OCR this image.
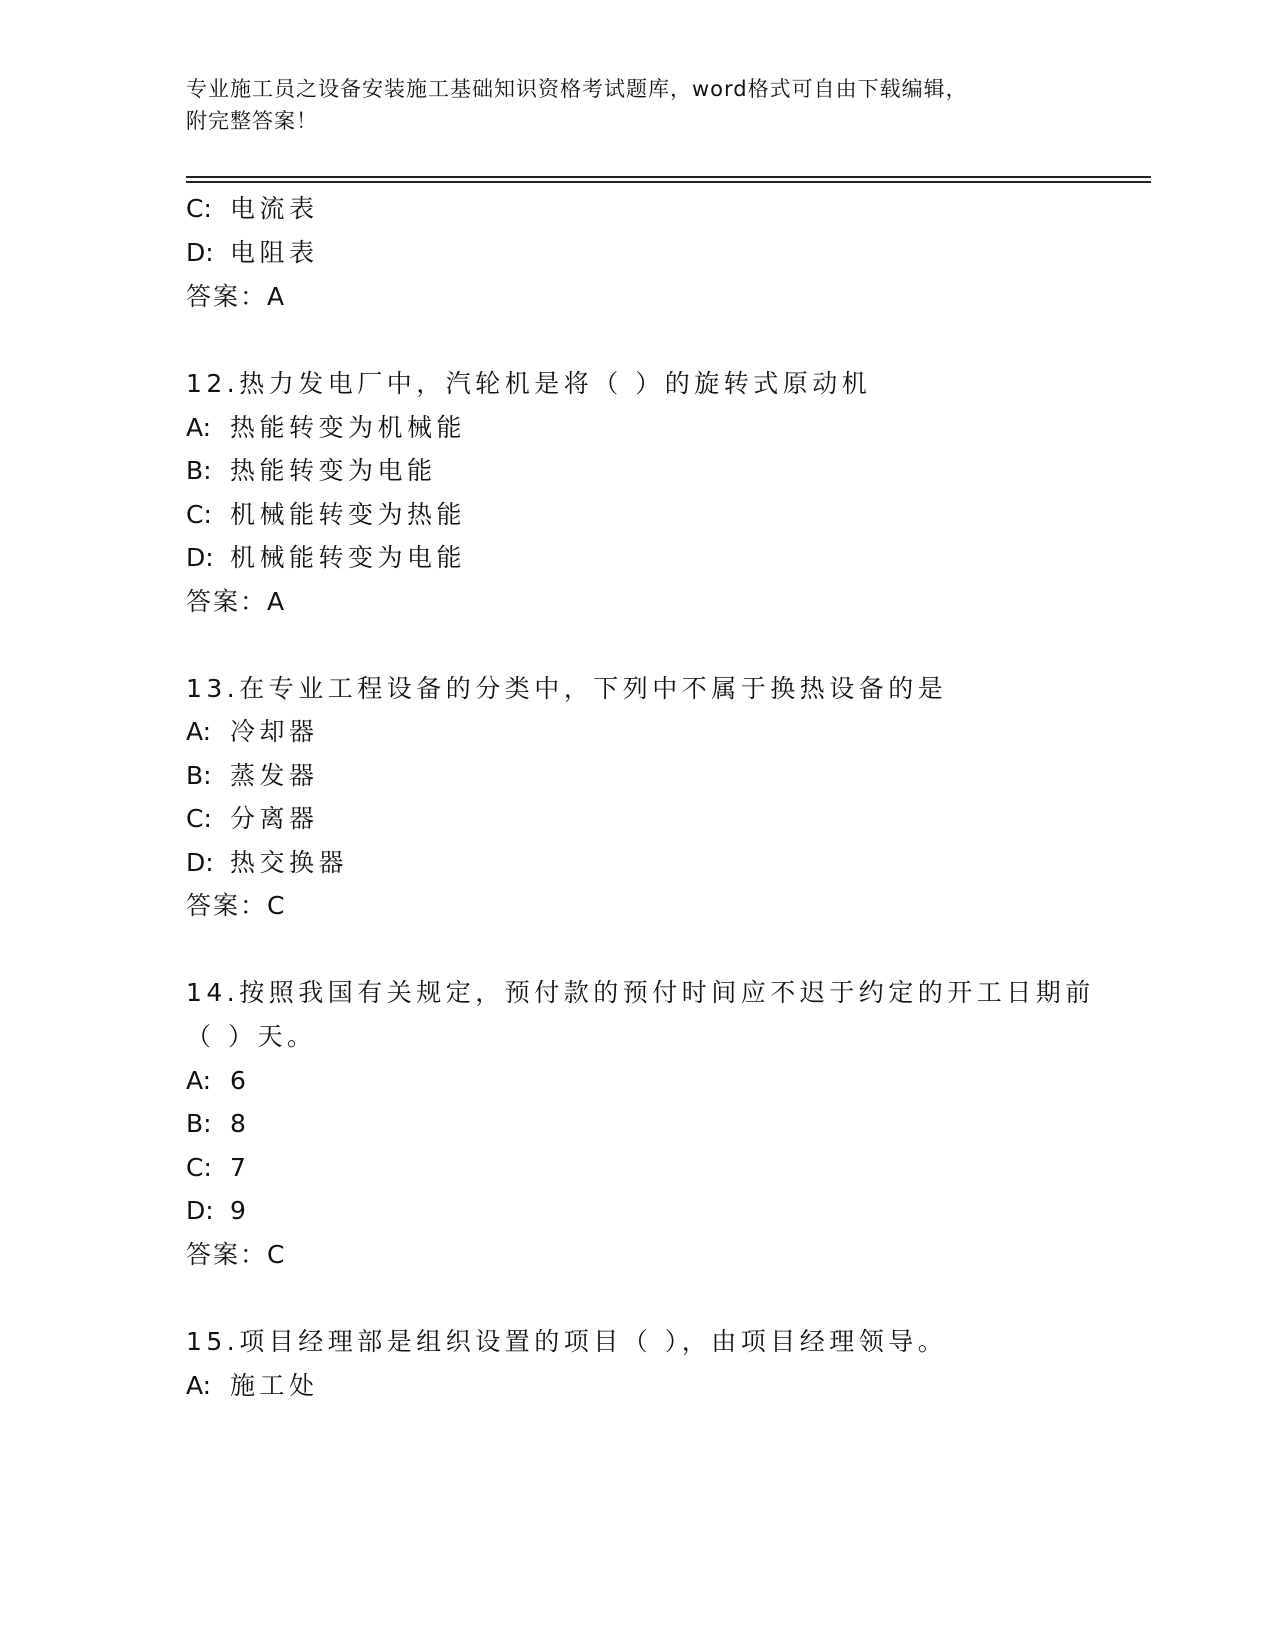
专业施工员之设备安装施工基础知识资格考试题库，word格式可自由下载编辑，
附完整答案！
C: 电流表
D: 电阻表
答案：A
12.热力发电厂中，汽轮机是将（ ）的旋转式原动机
A: 热能转变为机械能
B: 热能转变为电能
C: 机械能转变为热能
D: 机械能转变为电能
答案：A
13.在专业工程设备的分类中，下列中不属于换热设备的是
A: 冷却器
B: 蒸发器
C: 分离器
D: 热交换器
答案：C
14.按照我国有关规定，预付款的预付时间应不迟于约定的开工日期前
（ ）天。
A: 6
B: 8
C: 7
D: 9
答案：C
15.项目经理部是组织设置的项目（ ），由项目经理领导。
A: 施工处
